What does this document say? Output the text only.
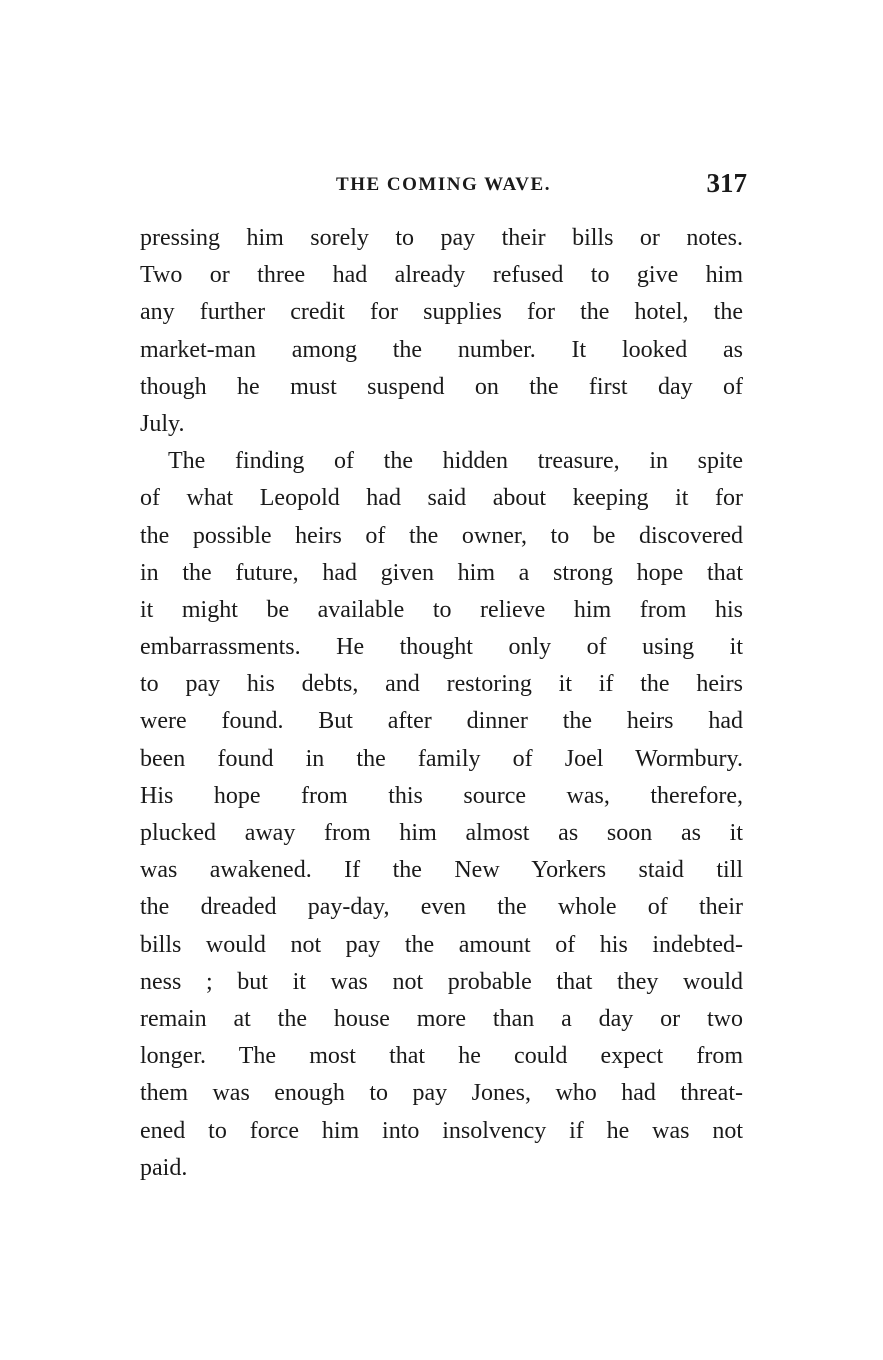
THE COMING WAVE.	317
pressing him sorely to pay their bills or notes.
Two or three had already refused to give him
any further credit for supplies for the hotel, the
market-man among the number. It looked as
though he must suspend on the first day of
July.
The finding of the hidden treasure, in spite
of what Leopold had said about keeping it for
the possible heirs of the owner, to be discovered
in the future, had given him a strong hope that
it might be available to relieve him from his
embarrassments. He thought only of using it
to pay his debts, and restoring it if the heirs
were found. But after dinner the heirs had
been found in the family of Joel Wormbury.
His hope from this source was, therefore,
plucked away from him almost as soon as it
was awakened. If the New Yorkers staid till
the dreaded pay-day, even the whole of their
bills would not pay the amount of his indebted-
ness ; but it was not probable that they would
remain at the house more than a day or two
longer. The most that he could expect from
them was enough to pay Jones, who had threat-
ened to force him into insolvency if he was not
paid.
